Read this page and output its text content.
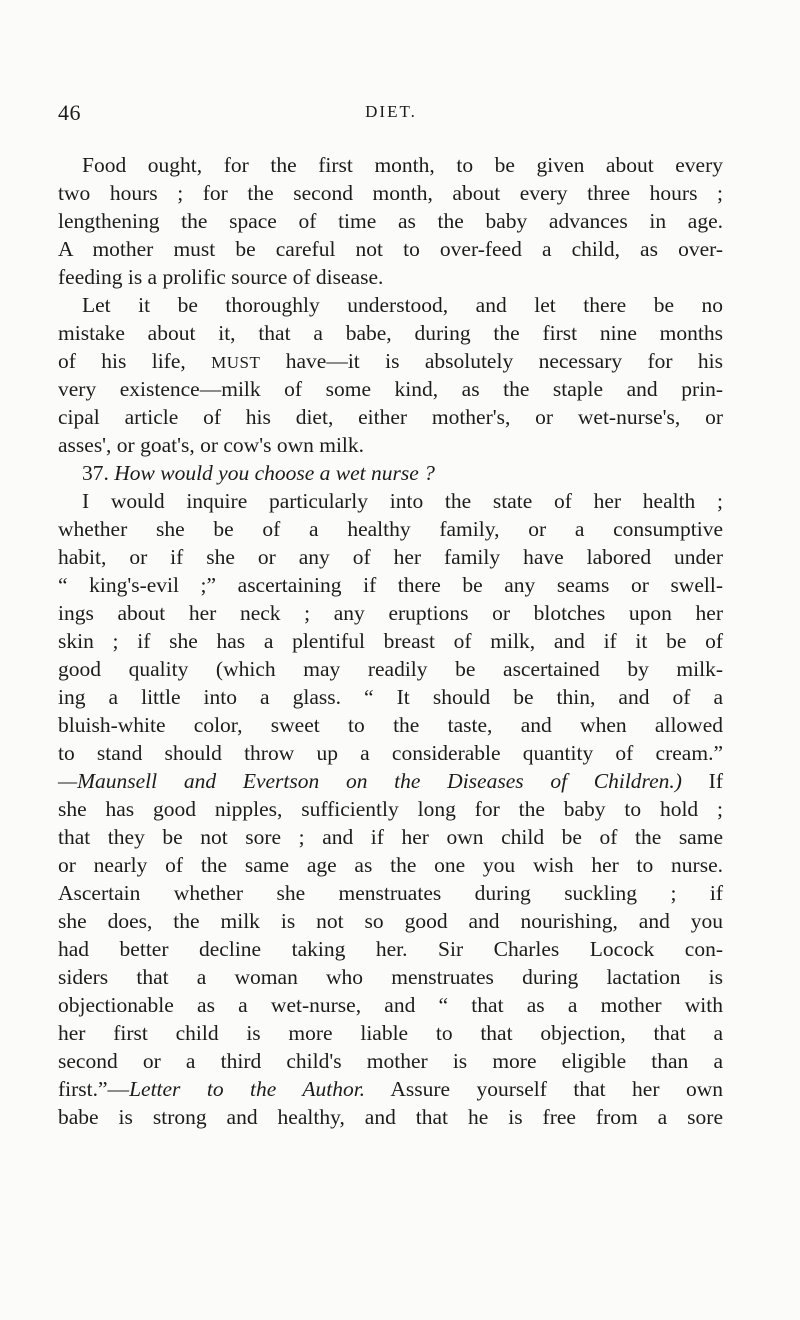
46	DIET.
Food ought, for the first month, to be given about every
two hours ; for the second month, about every three hours ;
lengthening the space of time as the baby advances in age.
A mother must be careful not to over-feed a child, as over-
feeding is a prolific source of disease.
Let it be thoroughly understood, and let there be no
mistake about it, that a babe, during the first nine months
of his life, MUST have—it is absolutely necessary for his
very existence—milk of some kind, as the staple and prin-
cipal article of his diet, either mother's, or wet-nurse's, or
asses', or goat's, or cow's own milk.
37. How would you choose a wet nurse ?
I would inquire particularly into the state of her health ;
whether she be of a healthy family, or a consumptive
habit, or if she or any of her family have labored under
“ king's-evil ;” ascertaining if there be any seams or swell-
ings about her neck ; any eruptions or blotches upon her
skin ; if she has a plentiful breast of milk, and if it be of
good quality (which may readily be ascertained by milk-
ing a little into a glass. “ It should be thin, and of a
bluish-white color, sweet to the taste, and when allowed
to stand should throw up a considerable quantity of cream.”
—Maunsell and Evertson on the Diseases of Children.) If
she has good nipples, sufficiently long for the baby to hold ;
that they be not sore ; and if her own child be of the same
or nearly of the same age as the one you wish her to nurse.
Ascertain whether she menstruates during suckling ; if
she does, the milk is not so good and nourishing, and you
had better decline taking her. Sir Charles Locock con-
siders that a woman who menstruates during lactation is
objectionable as a wet-nurse, and “ that as a mother with
her first child is more liable to that objection, that a
second or a third child's mother is more eligible than a
first.”—Letter to the Author. Assure yourself that her own
babe is strong and healthy, and that he is free from a sore
